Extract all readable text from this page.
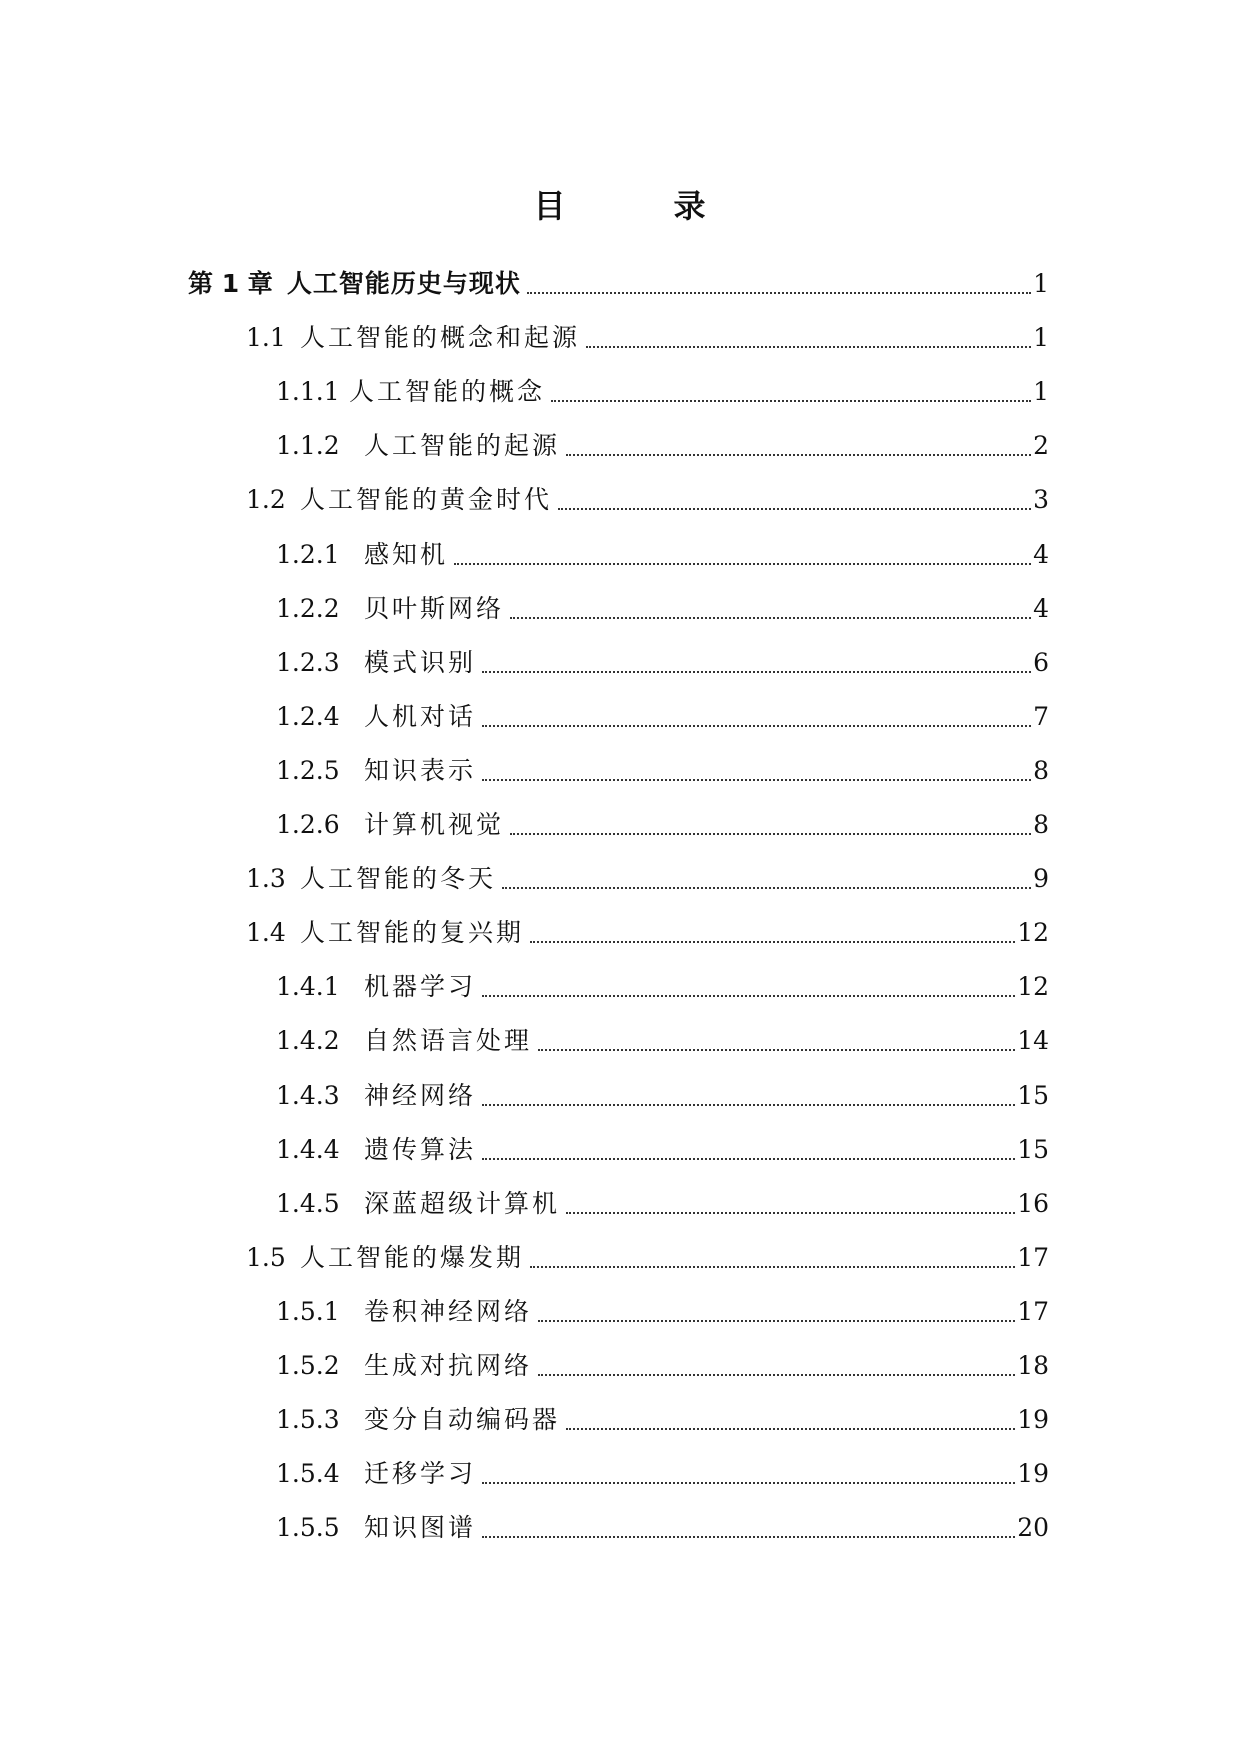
目　录
第 1 章 人工智能历史与现状	1
1.1 人工智能的概念和起源	1
1.1.1 人工智能的概念	1
1.1.2 人工智能的起源	2
1.2 人工智能的黄金时代	3
1.2.1 感知机	4
1.2.2 贝叶斯网络	4
1.2.3 模式识别	6
1.2.4 人机对话	7
1.2.5 知识表示	8
1.2.6 计算机视觉	8
1.3 人工智能的冬天	9
1.4 人工智能的复兴期	12
1.4.1 机器学习	12
1.4.2 自然语言处理	14
1.4.3 神经网络	15
1.4.4 遗传算法	15
1.4.5 深蓝超级计算机	16
1.5 人工智能的爆发期	17
1.5.1 卷积神经网络	17
1.5.2 生成对抗网络	18
1.5.3 变分自动编码器	19
1.5.4 迁移学习	19
1.5.5 知识图谱	20
